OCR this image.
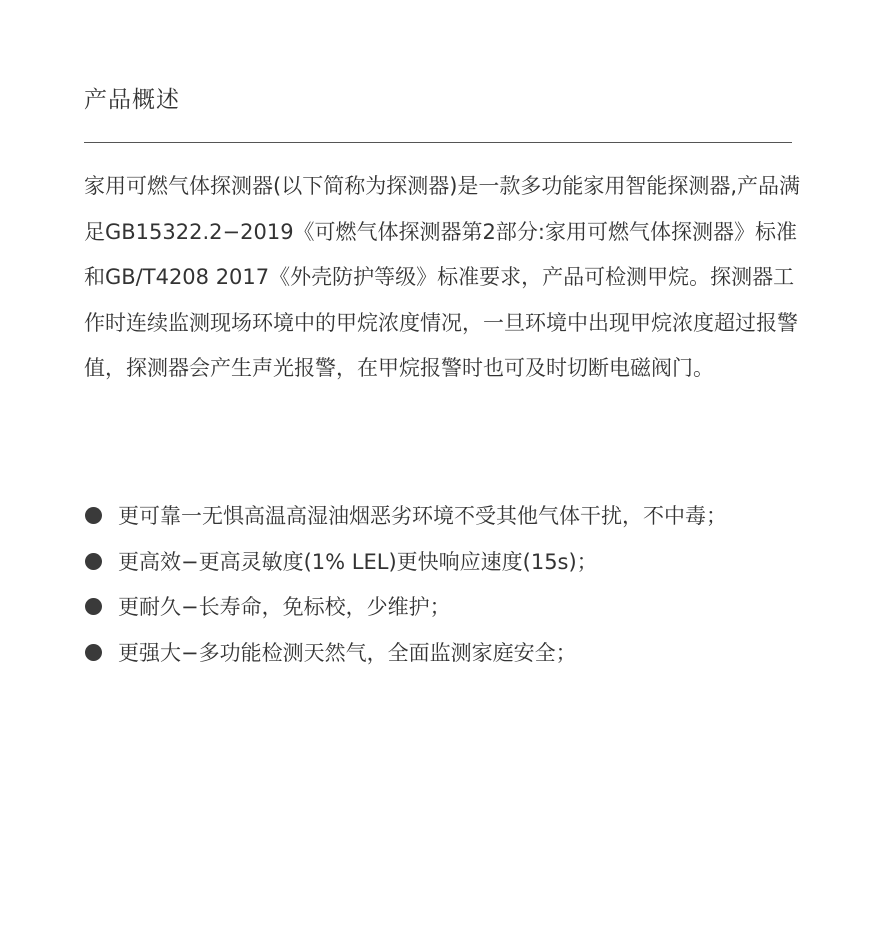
产品概述

家用可燃气体探测器(以下简称为探测器)是一款多功能家用智能探测器,产品满足GB15322.2−2019《可燃气体探测器第2部分:家用可燃气体探测器》标准和GB/T4208 2017《外壳防护等级》标准要求，产品可检测甲烷。探测器工作时连续监测现场环境中的甲烷浓度情况，一旦环境中出现甲烷浓度超过报警值，探测器会产生声光报警，在甲烷报警时也可及时切断电磁阀门。

更可靠一无惧高温高湿油烟恶劣环境不受其他气体干扰，不中毒；
更高效−更高灵敏度(1% LEL)更快响应速度(15s)；
更耐久−长寿命，免标校，少维护；
更强大−多功能检测天然气，全面监测家庭安全；
